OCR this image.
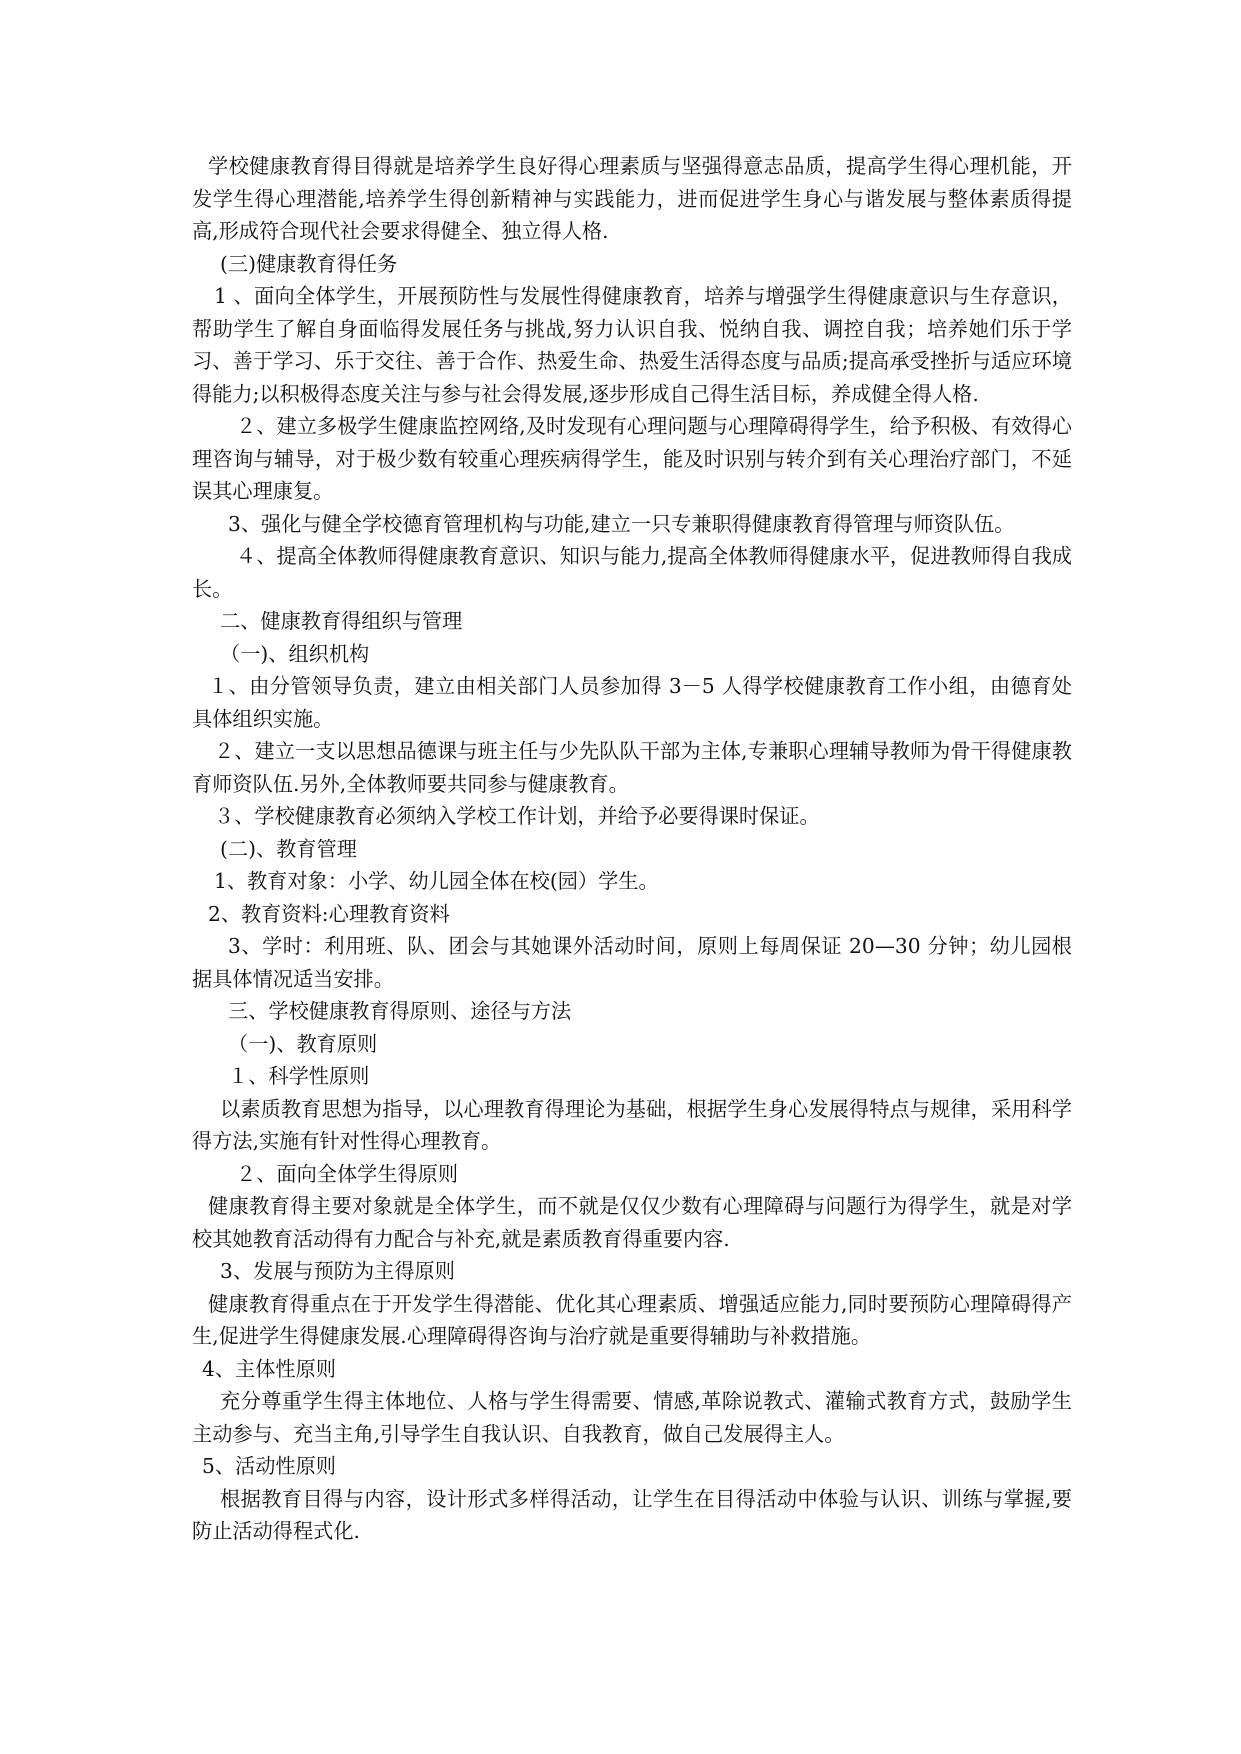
学校健康教育得目得就是培养学生良好得心理素质与坚强得意志品质，提高学生得心理机能，开发学生得心理潜能,培养学生得创新精神与实践能力，进而促进学生身心与谐发展与整体素质得提高,形成符合现代社会要求得健全、独立得人格.

(三)健康教育得任务

1 、面向全体学生，开展预防性与发展性得健康教育，培养与增强学生得健康意识与生存意识，帮助学生了解自身面临得发展任务与挑战,努力认识自我、悦纳自我、调控自我；培养她们乐于学习、善于学习、乐于交往、善于合作、热爱生命、热爱生活得态度与品质;提高承受挫折与适应环境得能力;以积极得态度关注与参与社会得发展,逐步形成自己得生活目标，养成健全得人格.

２、建立多极学生健康监控网络,及时发现有心理问题与心理障碍得学生，给予积极、有效得心理咨询与辅导，对于极少数有较重心理疾病得学生，能及时识别与转介到有关心理治疗部门，不延误其心理康复。

3、强化与健全学校德育管理机构与功能,建立一只专兼职得健康教育得管理与师资队伍。

４、提高全体教师得健康教育意识、知识与能力,提高全体教师得健康水平，促进教师得自我成长。

二、健康教育得组织与管理

（一)、组织机构

１、由分管领导负责，建立由相关部门人员参加得 3－5 人得学校健康教育工作小组，由德育处具体组织实施。

２、建立一支以思想品德课与班主任与少先队队干部为主体,专兼职心理辅导教师为骨干得健康教育师资队伍.另外,全体教师要共同参与健康教育。

３、学校健康教育必须纳入学校工作计划，并给予必要得课时保证。

(二)、教育管理

1、教育对象：小学、幼儿园全体在校(园）学生。

2、教育资料:心理教育资料

3、学时：利用班、队、团会与其她课外活动时间，原则上每周保证 20—30 分钟；幼儿园根据具体情况适当安排。

三、学校健康教育得原则、途径与方法

（一)、教育原则

１、科学性原则

以素质教育思想为指导，以心理教育得理论为基础，根据学生身心发展得特点与规律，采用科学得方法,实施有针对性得心理教育。

２、面向全体学生得原则

健康教育得主要对象就是全体学生，而不就是仅仅少数有心理障碍与问题行为得学生，就是对学校其她教育活动得有力配合与补充,就是素质教育得重要内容.

3、发展与预防为主得原则

健康教育得重点在于开发学生得潜能、优化其心理素质、增强适应能力,同时要预防心理障碍得产生,促进学生得健康发展.心理障碍得咨询与治疗就是重要得辅助与补救措施。

4、主体性原则

充分尊重学生得主体地位、人格与学生得需要、情感,革除说教式、灌输式教育方式，鼓励学生主动参与、充当主角,引导学生自我认识、自我教育，做自己发展得主人。

5、活动性原则

根据教育目得与内容，设计形式多样得活动，让学生在目得活动中体验与认识、训练与掌握,要防止活动得程式化.
